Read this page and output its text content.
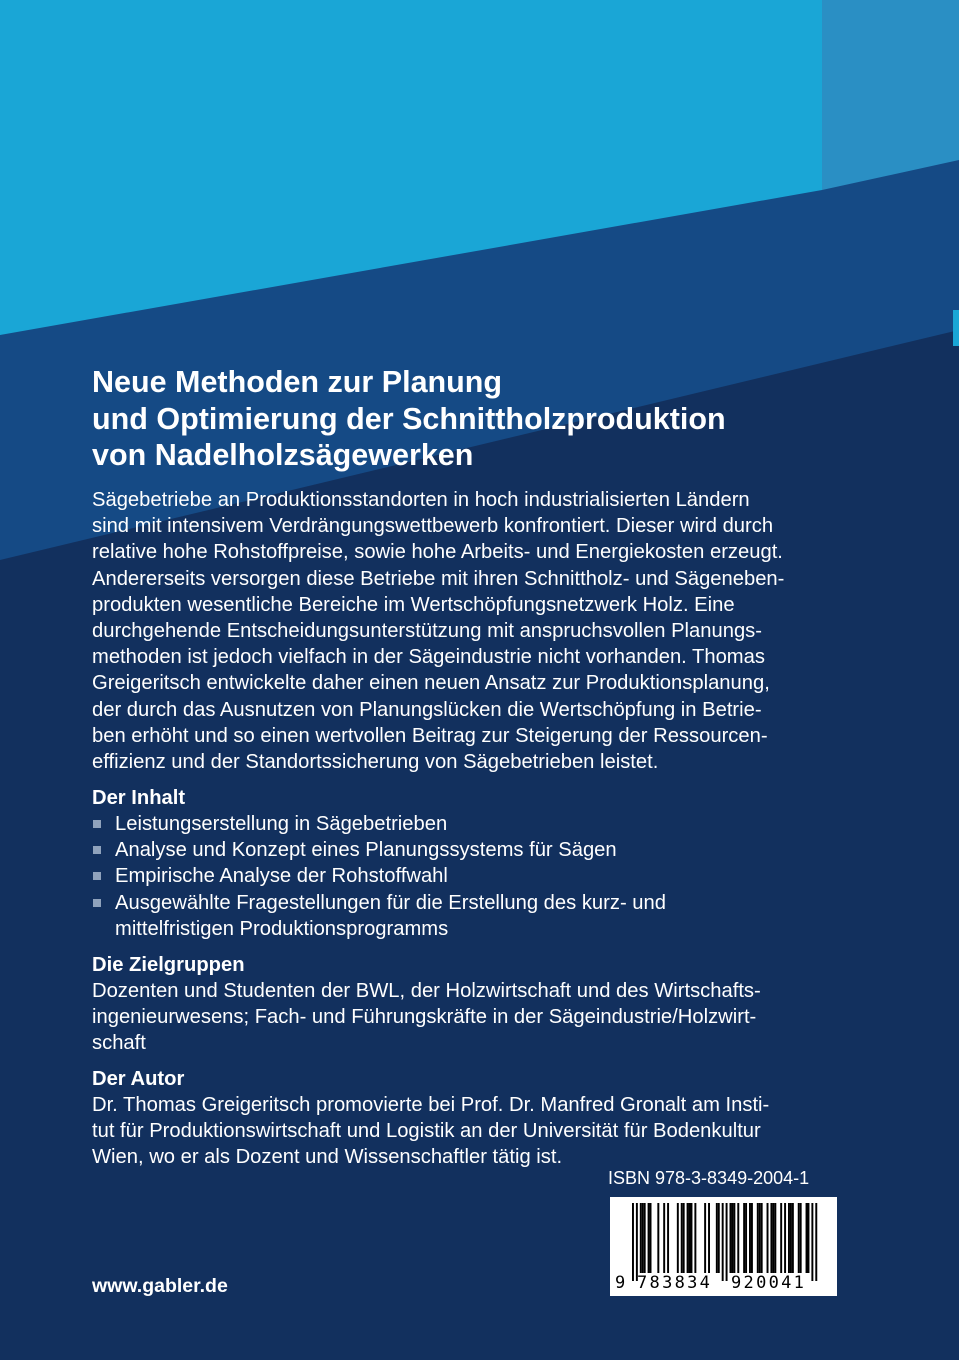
Neue Methoden zur Planung
und Optimierung der Schnittholzproduktion
von Nadelholzsägewerken
Sägebetriebe an Produktionsstandorten in hoch industrialisierten Ländern
sind mit intensivem Verdrängungswettbewerb konfrontiert. Dieser wird durch
relative hohe Rohstoffpreise, sowie hohe Arbeits- und Energiekosten erzeugt.
Andererseits versorgen diese Betriebe mit ihren Schnittholz- und Sägeneben-
produkten wesentliche Bereiche im Wertschöpfungsnetzwerk Holz. Eine
durchgehende Entscheidungsunterstützung mit anspruchsvollen Planungs-
methoden ist jedoch vielfach in der Sägeindustrie nicht vorhanden. Thomas
Greigeritsch entwickelte daher einen neuen Ansatz zur Produktionsplanung,
der durch das Ausnutzen von Planungslücken die Wertschöpfung in Betrie-
ben erhöht und so einen wertvollen Beitrag zur Steigerung der Ressourcen-
effizienz und der Standortssicherung von Sägebetrieben leistet.
Der Inhalt
Leistungserstellung in Sägebetrieben
Analyse und Konzept eines Planungssystems für Sägen
Empirische Analyse der Rohstoffwahl
Ausgewählte Fragestellungen für die Erstellung des kurz- und
mittelfristigen Produktionsprogramms
Die Zielgruppen
Dozenten und Studenten der BWL, der Holzwirtschaft und des Wirtschafts-
ingenieurwesens; Fach- und Führungskräfte in der Sägeindustrie/Holzwirt-
schaft
Der Autor
Dr. Thomas Greigeritsch promovierte bei Prof. Dr. Manfred Gronalt am Insti-
tut für Produktionswirtschaft und Logistik an der Universität für Bodenkultur
Wien, wo er als Dozent und Wissenschaftler tätig ist.
ISBN 978-3-8349-2004-1
9 783834 920041
www.gabler.de
